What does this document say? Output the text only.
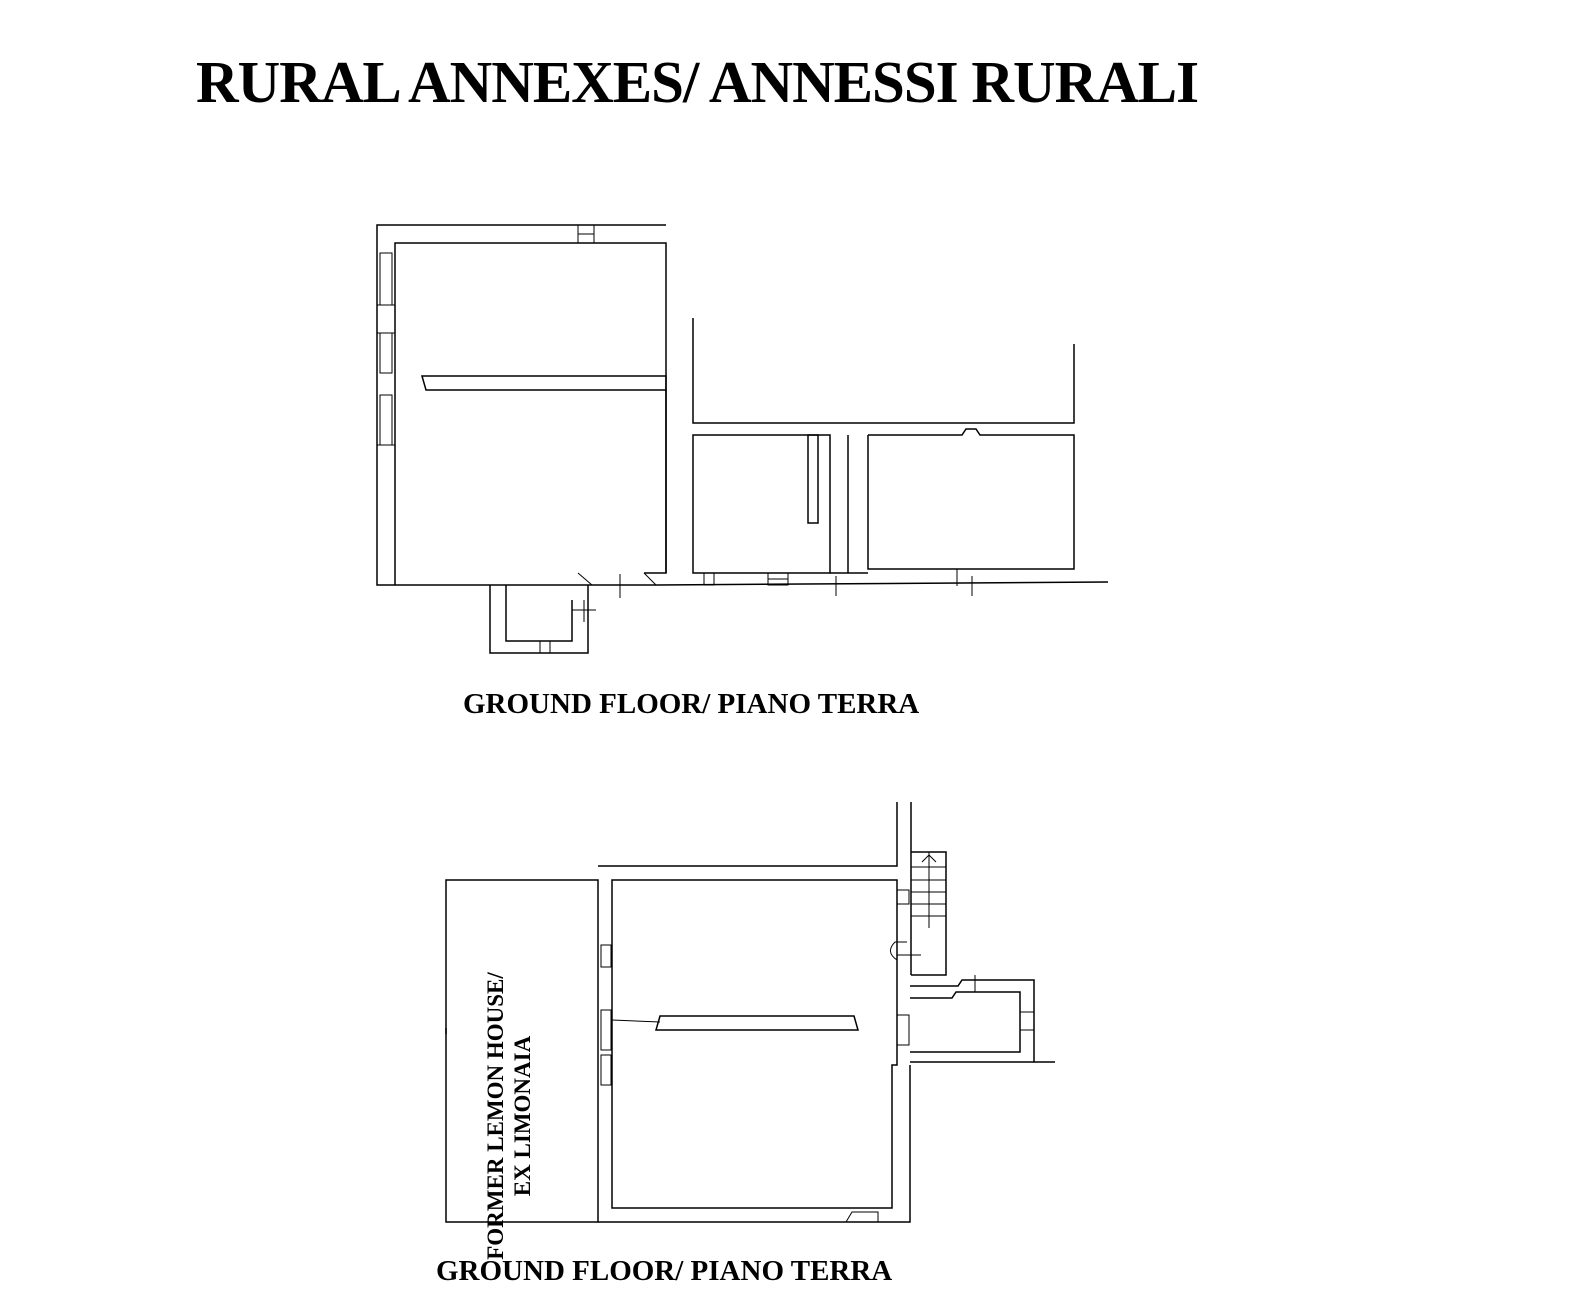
RURAL ANNEXES/ ANNESSI RURALI
GROUND FLOOR/ PIANO TERRA
FORMER LEMON HOUSE/ EX LIMONAIA
GROUND FLOOR/ PIANO TERRA
